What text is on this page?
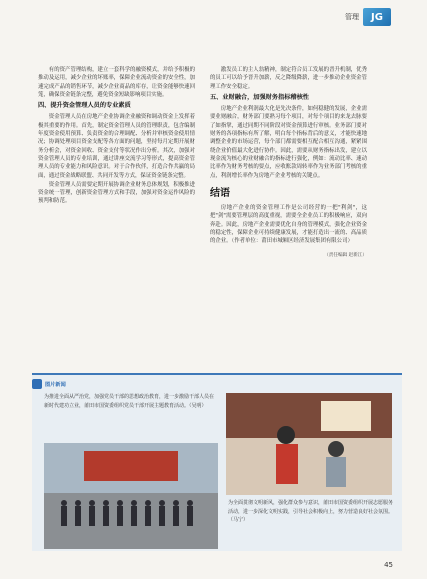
管理	JG

有的资产管理结构，建立一套科学的融资模式，并给予积极的推动及运用，减少企业的坏账率，保障企业流动资金的安全性，加速完成产品的销售环节，减少企业商品的库存，让资金能够快速回笼，确保资金链条完整，避免资金短缺影响项目实施。

四、提升资金管理人员的专业素质

资金管理人员在房地产企业协调企业融资和调动资金上发挥着极其重要的作用。首先，制定资金管理人员的管理职责，包含编制年度资金使用预算、负责资金的合理调配、分析并审核资金使用情况；协调处理项目资金支配等各方面的问题，坚持每月定期开展财务分析会，对资金回收、资金支付等状况作出分析。其次，加强对资金管理人员的专业培训，通过讲座交流学习等形式，提高资金管理人员的专业能力和风险意识。对于合作伙伴，打造合作共赢的局面，通过资金战略联盟、共同开发等方式，保证资金链条完整。

资金管理人员需要定期开展协调企业财务总体规划，积极推进资金统一管理，创新资金管理方式和手段，加强对资金运作风险的预判和防范。

激发员工的主人翁精神，制定符合员工发展的晋升机制，优秀的员工可以给予晋升加薪，反之降级降薪，进一步推动企业资金管理工作安全稳定。

五、业财融合，加强财务指标稽核性

房地产企业利润最大化是先决条件，如何稳健的发展，企业需要业财融合，财务部门要熟习每个项目，对每个项目的来龙去脉要了如指掌，通过同期不同阶段对资金预算进行审核。业务部门要对财务的各项指标有所了解，明白每个指标背后的意义，才能快速地调整企业的市场运营，每个部门都需要相互配合相互沟通，紧紧围绕企业价值最大化进行协作。因此，需要从财务指标出发，建立以现金流为核心的业财融合的指标进行强化，例如：流动比率、速动比率作为财务考核的要点，应收账款周转率作为业务部门考核的重点，利润增长率作为房地产企业考核的关键点。

结语

房地产企业的资金管理工作是公司经营的一把"利剑"，这把"剑"需要管理层的高度重视，需要全企业员工的积极响应，双向奔赴。因此，房地产企业需要优化自身的管理模式，强化企业资金的稳定性，保障企业可持续健康发展，才能打造出一流的、高品质的企业。（作者单位：莆田市城厢区经济发展集团有限公司）

（责任编辑 赵新江）
图片新闻
为推进全面从严治党，加强党员干部的思想政治教育，进一步激励干部人员在新时代建功立业，莆田市国资委组织党员干部开展主题教育活动。（吴明）
为全面贯彻文明新风，强化群众参与意识，莆田市国资委组织开展志愿服务活动，进一步深化文明实践，引导社会积极向上，努力营造良好社会氛围。（马宁）
45
